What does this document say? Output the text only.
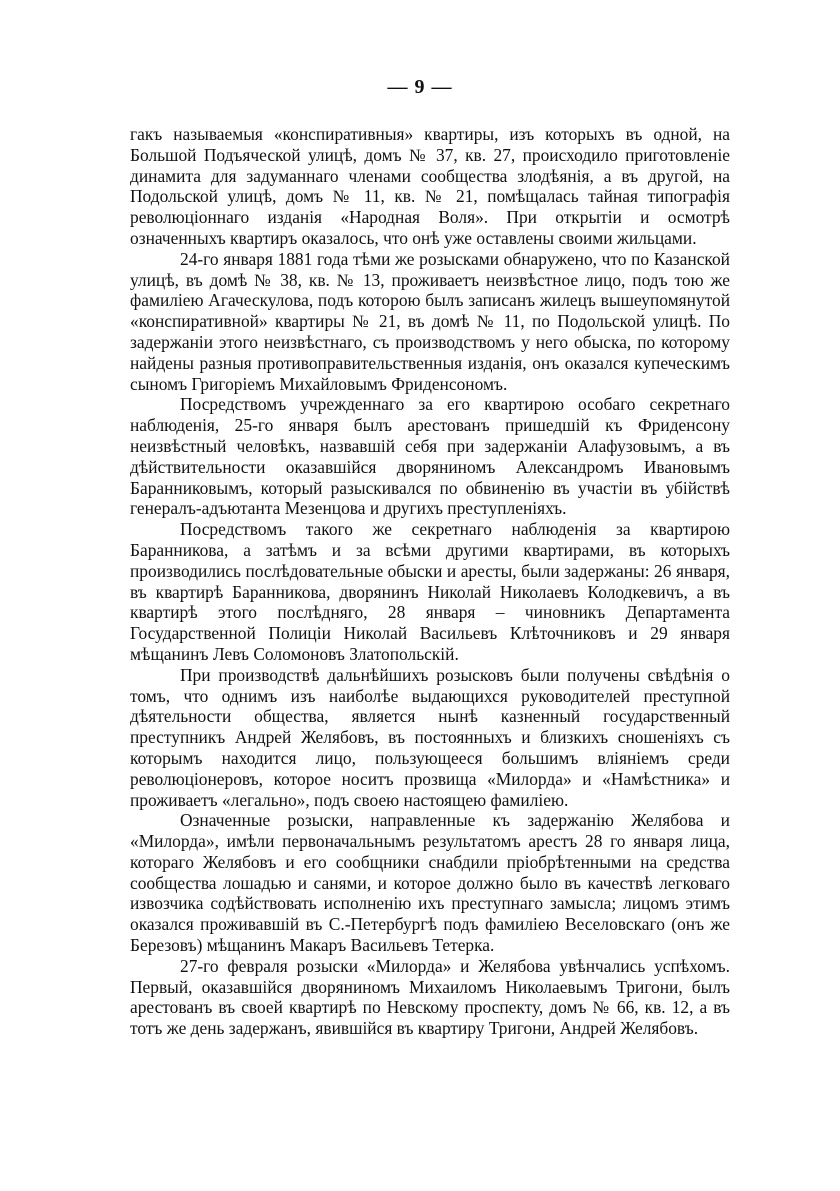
— 9 —

гакъ называемыя «конспиративныя» квартиры, изъ которыхъ въ одной, на Большой Подъяческой улицѣ, домъ № 37, кв. 27, происходило приготовленіе динамита для задуманнаго членами сообщества злодѣянія, а въ другой, на Подольской улицѣ, домъ № 11, кв. № 21, помѣщалась тайная типографія революціоннаго изданія «Народная Воля». При открытіи и осмотрѣ означенныхъ квартиръ оказалось, что онѣ уже оставлены своими жильцами.

24-го января 1881 года тѣми же розысками обнаружено, что по Казанской улицѣ, въ домѣ № 38, кв. № 13, проживаетъ неизвѣстное лицо, подъ тою же фамиліею Агаческулова, подъ которою былъ записанъ жилецъ вышеупомянутой «конспиративной» квартиры № 21, въ домѣ № 11, по Подольской улицѣ. По задержаніи этого неизвѣстнаго, съ производствомъ у него обыска, по которому найдены разныя противоправительственныя изданія, онъ оказался купеческимъ сыномъ Григоріемъ Михайловымъ Фриденсономъ.

Посредствомъ учрежденнаго за его квартирою особаго секретнаго наблюденія, 25-го января былъ арестованъ пришедшій къ Фриденсону неизвѣстный человѣкъ, назвавшій себя при задержаніи Алафузовымъ, а въ дѣйствительности оказавшійся дворяниномъ Александромъ Ивановымъ Баранниковымъ, который разыскивался по обвиненію въ участіи въ убійствѣ генералъ-адъютанта Мезенцова и другихъ преступленіяхъ.

Посредствомъ такого же секретнаго наблюденія за квартирою Баранникова, а затѣмъ и за всѣми другими квартирами, въ которыхъ производились послѣдовательные обыски и аресты, были задержаны: 26 января, въ квартирѣ Баранникова, дворянинъ Николай Николаевъ Колодкевичъ, а въ квартирѣ этого послѣдняго, 28 января – чиновникъ Департамента Государственной Полиціи Николай Васильевъ Клѣточниковъ и 29 января мѣщанинъ Левъ Соломоновъ Златопольскій.

При производствѣ дальнѣйшихъ розысковъ были получены свѣдѣнія о томъ, что однимъ изъ наиболѣе выдающихся руководителей преступной дѣятельности общества, является нынѣ казненный государственный преступникъ Андрей Желябовъ, въ постоянныхъ и близкихъ сношеніяхъ съ которымъ находится лицо, пользующееся большимъ вліяніемъ среди революціонеровъ, которое носитъ прозвища «Милорда» и «Намѣстника» и проживаетъ «легально», подъ своею настоящею фамиліею.

Означенные розыски, направленные къ задержанію Желябова и «Милорда», имѣли первоначальнымъ результатомъ арестъ 28 го января лица, котораго Желябовъ и его сообщники снабдили пріобрѣтенными на средства сообщества лошадью и санями, и которое должно было въ качествѣ легковаго извозчика содѣйствовать исполненію ихъ преступнаго замысла; лицомъ этимъ оказался проживавшій въ С.-Петербургѣ подъ фамиліею Веселовскаго (онъ же Березовъ) мѣщанинъ Макаръ Васильевъ Тетерка.

27-го февраля розыски «Милорда» и Желябова увѣнчались успѣхомъ. Первый, оказавшійся дворяниномъ Михаиломъ Николаевымъ Тригони, былъ арестованъ въ своей квартирѣ по Невскому проспекту, домъ № 66, кв. 12, а въ тотъ же день задержанъ, явившійся въ квартиру Тригони, Андрей Желябовъ.
